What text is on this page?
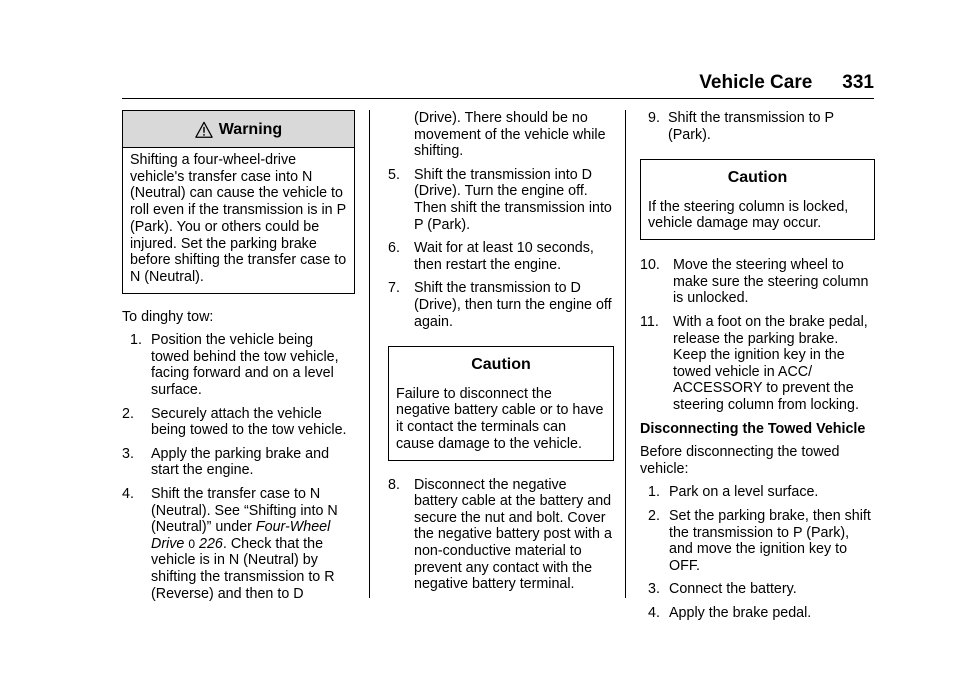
Vehicle Care 331
Warning
Shifting a four-wheel-drive vehicle's transfer case into N (Neutral) can cause the vehicle to roll even if the transmission is in P (Park). You or others could be injured. Set the parking brake before shifting the transfer case to N (Neutral).

To dinghy tow:

1. Position the vehicle being towed behind the tow vehicle, facing forward and on a level surface.
2.	Securely attach the vehicle being towed to the tow vehicle.
3.	Apply the parking brake and start the engine.
4.	Shift the transfer case to N (Neutral). See “Shifting into N (Neutral)” under Four-Wheel Drive 0 226. Check that the vehicle is in N (Neutral) by shifting the transmission to R (Reverse) and then to D

(Drive). There should be no movement of the vehicle while shifting.

5. Shift the transmission into D (Drive). Turn the engine off. Then shift the transmission into P (Park).
6. Wait for at least 10 seconds, then restart the engine.
7. Shift the transmission to D (Drive), then turn the engine off again.
Caution
Failure to disconnect the negative battery cable or to have it contact the terminals can cause damage to the vehicle.
8. Disconnect the negative battery cable at the battery and secure the nut and bolt. Cover the negative battery post with a non-conductive material to prevent any contact with the negative battery terminal.
9. Shift the transmission to P (Park).
Caution
If the steering column is locked, vehicle damage may occur.
10. Move the steering wheel to make sure the steering column is unlocked.
11. With a foot on the brake pedal, release the parking brake. Keep the ignition key in the towed vehicle in ACC/ ACCESSORY to prevent the steering column from locking.

Disconnecting the Towed Vehicle

Before disconnecting the towed vehicle:

1. Park on a level surface.
2. Set the parking brake, then shift the transmission to P (Park), and move the ignition key to OFF.
3. Connect the battery.
4. Apply the brake pedal.
